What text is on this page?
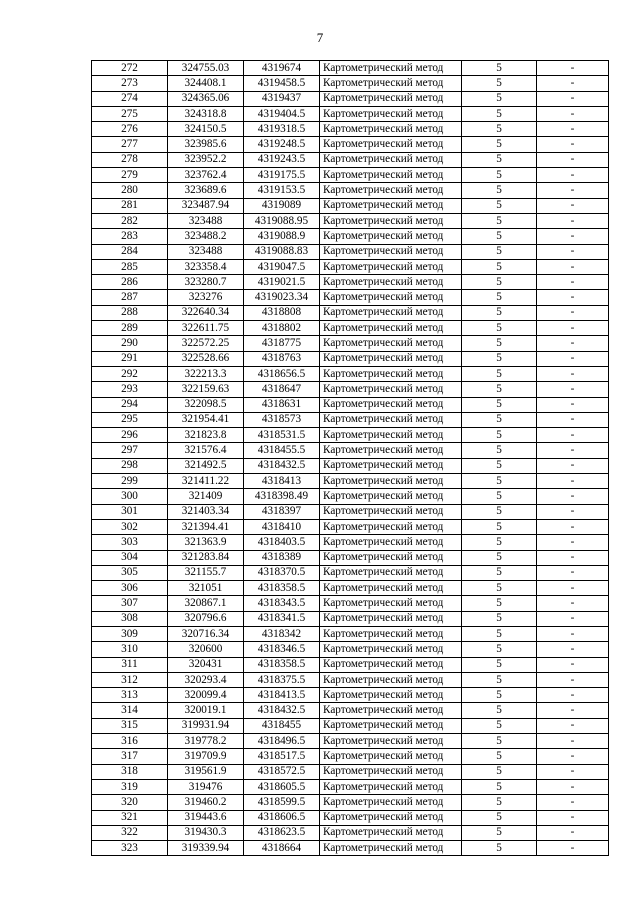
7
272	324755.03	4319674	Картометрический метод	5	-
273	324408.1	4319458.5	Картометрический метод	5	-
274	324365.06	4319437	Картометрический метод	5	-
275	324318.8	4319404.5	Картометрический метод	5	-
276	324150.5	4319318.5	Картометрический метод	5	-
277	323985.6	4319248.5	Картометрический метод	5	-
278	323952.2	4319243.5	Картометрический метод	5	-
279	323762.4	4319175.5	Картометрический метод	5	-
280	323689.6	4319153.5	Картометрический метод	5	-
281	323487.94	4319089	Картометрический метод	5	-
282	323488	4319088.95	Картометрический метод	5	-
283	323488.2	4319088.9	Картометрический метод	5	-
284	323488	4319088.83	Картометрический метод	5	-
285	323358.4	4319047.5	Картометрический метод	5	-
286	323280.7	4319021.5	Картометрический метод	5	-
287	323276	4319023.34	Картометрический метод	5	-
288	322640.34	4318808	Картометрический метод	5	-
289	322611.75	4318802	Картометрический метод	5	-
290	322572.25	4318775	Картометрический метод	5	-
291	322528.66	4318763	Картометрический метод	5	-
292	322213.3	4318656.5	Картометрический метод	5	-
293	322159.63	4318647	Картометрический метод	5	-
294	322098.5	4318631	Картометрический метод	5	-
295	321954.41	4318573	Картометрический метод	5	-
296	321823.8	4318531.5	Картометрический метод	5	-
297	321576.4	4318455.5	Картометрический метод	5	-
298	321492.5	4318432.5	Картометрический метод	5	-
299	321411.22	4318413	Картометрический метод	5	-
300	321409	4318398.49	Картометрический метод	5	-
301	321403.34	4318397	Картометрический метод	5	-
302	321394.41	4318410	Картометрический метод	5	-
303	321363.9	4318403.5	Картометрический метод	5	-
304	321283.84	4318389	Картометрический метод	5	-
305	321155.7	4318370.5	Картометрический метод	5	-
306	321051	4318358.5	Картометрический метод	5	-
307	320867.1	4318343.5	Картометрический метод	5	-
308	320796.6	4318341.5	Картометрический метод	5	-
309	320716.34	4318342	Картометрический метод	5	-
310	320600	4318346.5	Картометрический метод	5	-
311	320431	4318358.5	Картометрический метод	5	-
312	320293.4	4318375.5	Картометрический метод	5	-
313	320099.4	4318413.5	Картометрический метод	5	-
314	320019.1	4318432.5	Картометрический метод	5	-
315	319931.94	4318455	Картометрический метод	5	-
316	319778.2	4318496.5	Картометрический метод	5	-
317	319709.9	4318517.5	Картометрический метод	5	-
318	319561.9	4318572.5	Картометрический метод	5	-
319	319476	4318605.5	Картометрический метод	5	-
320	319460.2	4318599.5	Картометрический метод	5	-
321	319443.6	4318606.5	Картометрический метод	5	-
322	319430.3	4318623.5	Картометрический метод	5	-
323	319339.94	4318664	Картометрический метод	5	-
